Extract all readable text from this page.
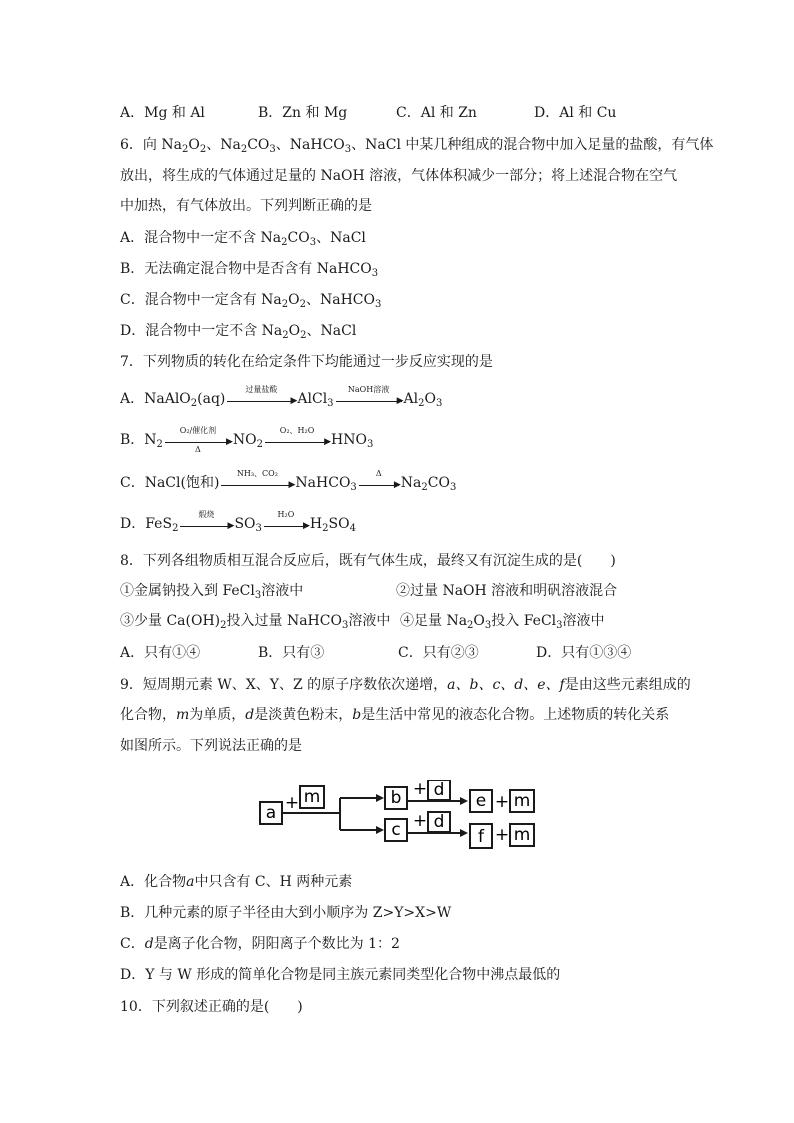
A．Mg 和 Al	B．Zn 和 Mg	C．Al 和 Zn	D．Al 和 Cu
6．向 $Na_2O_2$、$Na_2CO_3$、NaHCO$_3$、NaCl 中某几种组成的混合物中加入足量的盐酸，有气体
放出，将生成的气体通过足量的 NaOH 溶液，气体体积减少一部分；将上述混合物在空气
中加热，有气体放出。下列判断正确的是
A．混合物中一定不含 $Na_2CO_3$、NaCl
B．无法确定混合物中是否含有 NaHCO$_3$
C．混合物中一定含有 $Na_2O_2$、NaHCO$_3$
D．混合物中一定不含 $Na_2O_2$、NaCl
7．下列物质的转化在给定条件下均能通过一步反应实现的是
A．NaAlO$_2$(aq)
过量盐酸
▶ AlCl$_3$
NaOH溶液
▶ $Al_2O_3$
B．$N_2$
O₂/催化剂
▶
Δ
$NO_2$
O₂、H₂O
▶ $HNO_3$
C．NaCl(饱和)
NH₃、CO₂
▶ NaHCO$_3$
Δ
▶ $Na_2CO_3$
D．FeS$_2$
煅烧
▶ $SO_3$
H₂O
▶ $H_2SO_4$
8．下列各组物质相互混合反应后，既有气体生成，最终又有沉淀生成的是(　　)
①金属钠投入到 FeCl$_3$溶液中	②过量 NaOH 溶液和明矾溶液混合
③少量 $Ca(OH)_2$投入过量 NaHCO$_3$溶液中 ④足量 $Na_2O_3$投入 FeCl$_3$溶液中
A．只有①④	B．只有③	C．只有②③	D．只有①③④
9．短周期元素 W、X、Y、Z 的原子序数依次递增，a、b、c、d、e、f是由这些元素组成的
化合物，m为单质，d是淡黄色粉末，b是生活中常见的液态化合物。上述物质的转化关系
如图所示。下列说法正确的是
a + m	b
c
+ d
+ d
e + m
f + m
A．化合物a中只含有 C、H 两种元素
B．几种元素的原子半径由大到小顺序为 Z>Y>X>W
C．d是离子化合物，阴阳离子个数比为 1：2
D．Y 与 W 形成的简单化合物是同主族元素同类型化合物中沸点最低的
10．下列叙述正确的是(　　)
